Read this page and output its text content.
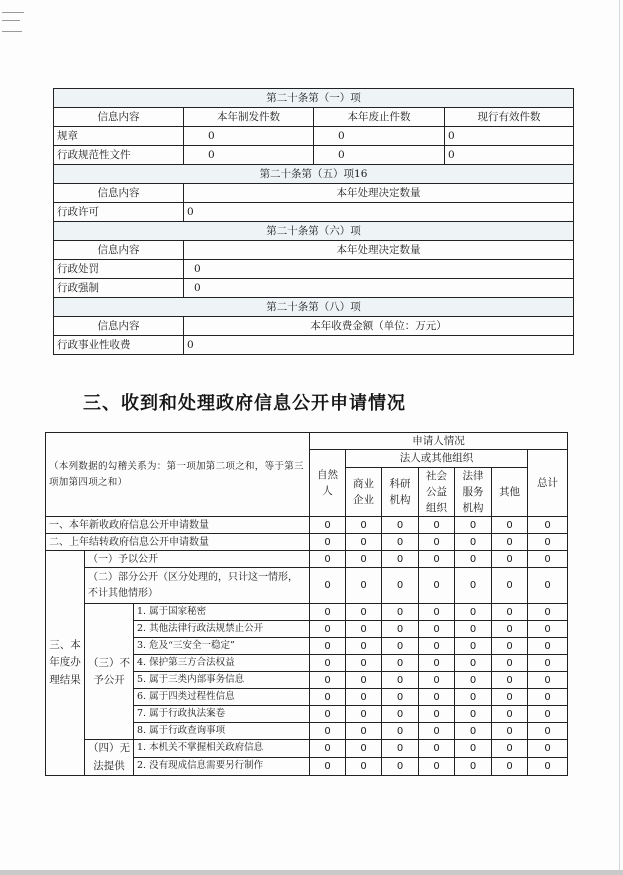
第二十条第（一）项			
信息内容	本年制发件数	本年废止件数	现行有效件数
规章	0	0	0
行政规范性文件	0	0	0
第二十条第（五）项16			
信息内容	本年处理决定数量		
行政许可	0		
第二十条第（六）项			
信息内容	本年处理决定数量		
行政处罚	0		
行政强制	0		
第二十条第（八）项			
信息内容	本年收费金额（单位：万元）		
行政事业性收费	0		
三、收到和处理政府信息公开申请情况
（本列数据的勾稽关系为：第一项加第二项之和，等于第三项加第四项之和）			申请人情况						
			自然人	法人或其他组织					总计
				商业企业	科研机构	社会公益组织	法律服务机构	其他	
一、本年新收政府信息公开申请数量			0	0	0	0	0	0	0
二、上年结转政府信息公开申请数量			0	0	0	0	0	0	0
三、本年度办理结果	（一）予以公开		0	0	0	0	0	0	0
	（二）部分公开（区分处理的，只计这一情形，不计其他情形）		0	0	0	0	0	0	0
	（三）不予公开	1. 属于国家秘密	0	0	0	0	0	0	0
		2. 其他法律行政法规禁止公开	0	0	0	0	0	0	0
		3. 危及“三安全一稳定”	0	0	0	0	0	0	0
		4. 保护第三方合法权益	0	0	0	0	0	0	0
		5. 属于三类内部事务信息	0	0	0	0	0	0	0
		6. 属于四类过程性信息	0	0	0	0	0	0	0
		7. 属于行政执法案卷	0	0	0	0	0	0	0
		8. 属于行政查询事项	0	0	0	0	0	0	0
	（四）无法提供	1. 本机关不掌握相关政府信息	0	0	0	0	0	0	0
		2. 没有现成信息需要另行制作	0	0	0	0	0	0	0
